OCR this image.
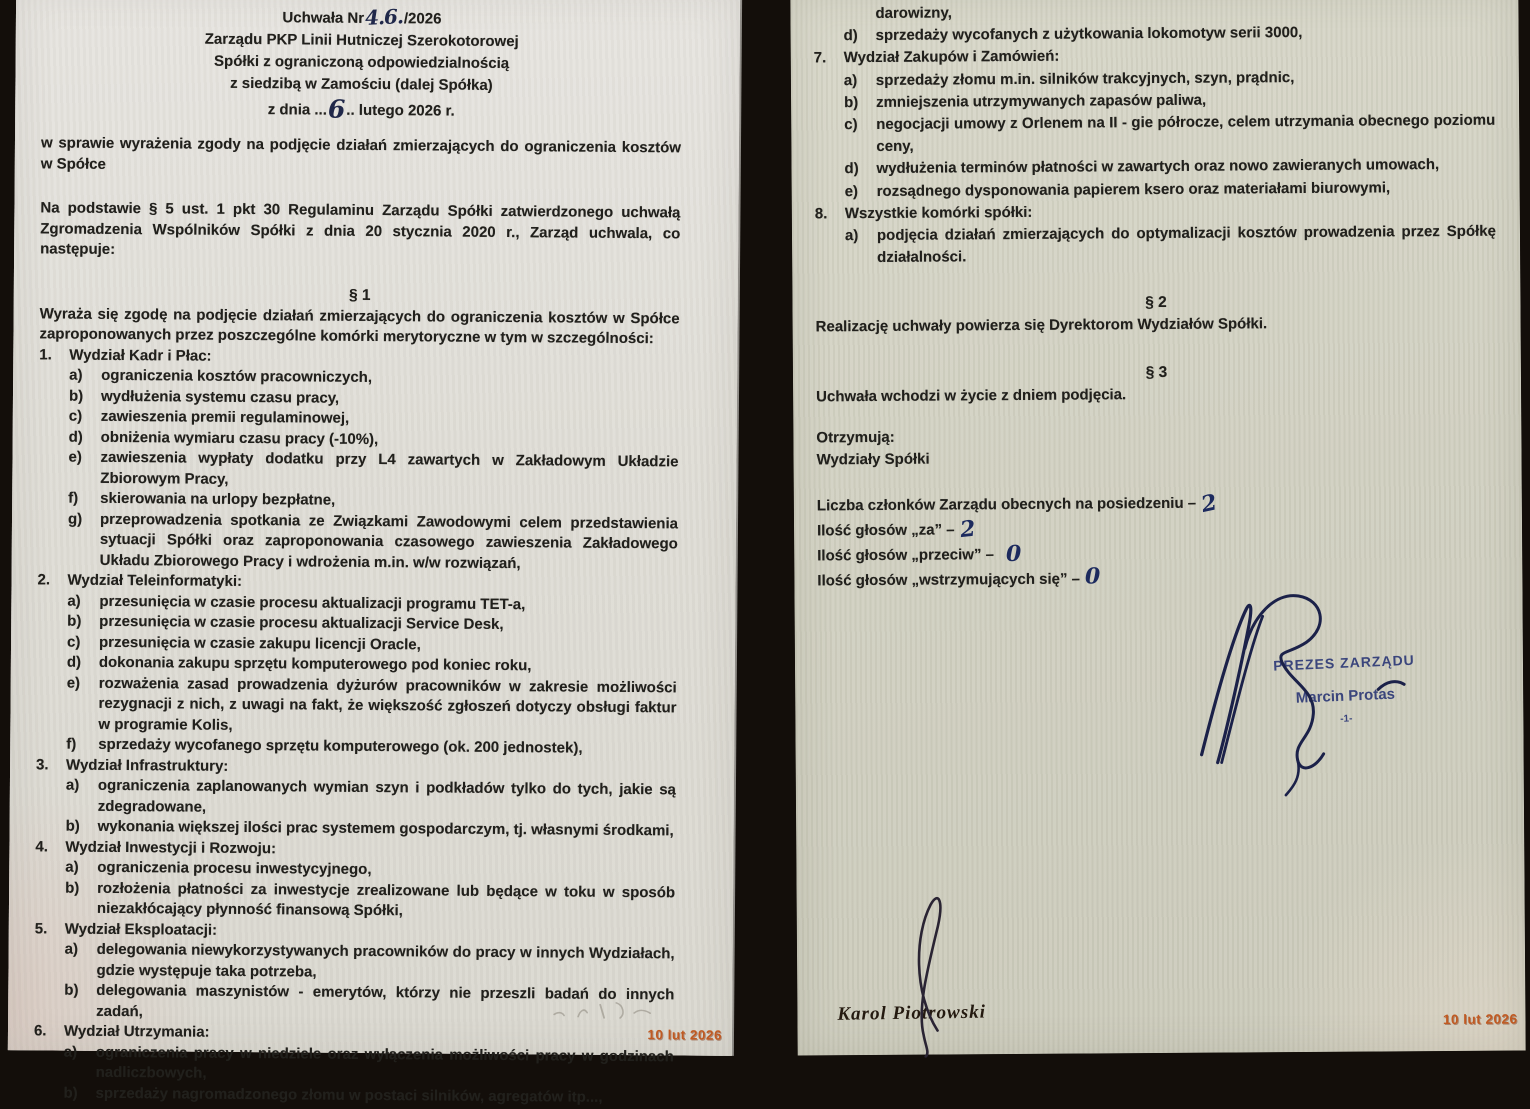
Uchwała Nr4.6./2026
Zarządu PKP Linii Hutniczej Szerokotorowej
Spółki z ograniczoną odpowiedzialnością
z siedzibą w Zamościu (dalej Spółka)
z dnia ...6.. lutego 2026 r.

w sprawie wyrażenia zgody na podjęcie działań zmierzających do ograniczenia kosztów w Spółce

Na podstawie § 5 ust. 1 pkt 30 Regulaminu Zarządu Spółki zatwierdzonego uchwałą Zgromadzenia Wspólników Spółki z dnia 20 stycznia 2020 r., Zarząd uchwala, co następuje:

§ 1

Wyraża się zgodę na podjęcie działań zmierzających do ograniczenia kosztów w Spółce zaproponowanych przez poszczególne komórki merytoryczne w tym w szczególności:

1.	Wydział Kadr i Płac:
a)	ograniczenia kosztów pracowniczych,
b)	wydłużenia systemu czasu pracy,
c)	zawieszenia premii regulaminowej,
d)	obniżenia wymiaru czasu pracy (-10%),
e)	zawieszenia wypłaty dodatku przy L4 zawartych w Zakładowym Układzie Zbiorowym Pracy,
f)	skierowania na urlopy bezpłatne,
g)	przeprowadzenia spotkania ze Związkami Zawodowymi celem przedstawienia sytuacji Spółki oraz zaproponowania czasowego zawieszenia Zakładowego Układu Zbiorowego Pracy i wdrożenia m.in. w/w rozwiązań,
2.	Wydział Teleinformatyki:
a)	przesunięcia w czasie procesu aktualizacji programu TET-a,
b)	przesunięcia w czasie procesu aktualizacji Service Desk,
c)	przesunięcia w czasie zakupu licencji Oracle,
d)	dokonania zakupu sprzętu komputerowego pod koniec roku,
e)	rozważenia zasad prowadzenia dyżurów pracowników w zakresie możliwości rezygnacji z nich, z uwagi na fakt, że większość zgłoszeń dotyczy obsługi faktur w programie Kolis,
f)	sprzedaży wycofanego sprzętu komputerowego (ok. 200 jednostek),
3.	Wydział Infrastruktury:
a)	ograniczenia zaplanowanych wymian szyn i podkładów tylko do tych, jakie są zdegradowane,
b)	wykonania większej ilości prac systemem gospodarczym, tj. własnymi środkami,
4.	Wydział Inwestycji i Rozwoju:
a)	ograniczenia procesu inwestycyjnego,
b)	rozłożenia płatności za inwestycje zrealizowane lub będące w toku w sposób niezakłócający płynność finansową Spółki,
5.	Wydział Eksploatacji:
a)	delegowania niewykorzystywanych pracowników do pracy w innych Wydziałach, gdzie występuje taka potrzeba,
b)	delegowania maszynistów - emerytów, którzy nie przeszli badań do innych zadań,
6.	Wydział Utrzymania:
a)	ograniczenia pracy w niedziele oraz wyłączenia możliwości pracy w godzinach nadliczbowych,
b)	sprzedaży nagromadzonego złomu w postaci silników, agregatów itp...,
10 lut 2026
darowizny,
d)	sprzedaży wycofanych z użytkowania lokomotyw serii 3000,
7.	Wydział Zakupów i Zamówień:
a)	sprzedaży złomu m.in. silników trakcyjnych, szyn, prądnic,
b)	zmniejszenia utrzymywanych zapasów paliwa,
c)	negocjacji umowy z Orlenem na II - gie półrocze, celem utrzymania obecnego poziomu ceny,
d)	wydłużenia terminów płatności w zawartych oraz nowo zawieranych umowach,
e)	rozsądnego dysponowania papierem ksero oraz materiałami biurowymi,
8.	Wszystkie komórki spółki:
a)	podjęcia działań zmierzających do optymalizacji kosztów prowadzenia przez Spółkę działalności.
§ 2

Realizację uchwały powierza się Dyrektorom Wydziałów Spółki.

§ 3

Uchwała wchodzi w życie z dniem podjęcia.

Otrzymują:
Wydziały Spółki

Liczba członków Zarządu obecnych na posiedzeniu – 2
Ilość głosów „za” – 2
Ilość głosów „przeciw” – 0
Ilość głosów „wstrzymujących się” – 0
PREZES ZARZĄDU
Marcin Protas
-1-
Karol Piotrowski	10 lut 2026
